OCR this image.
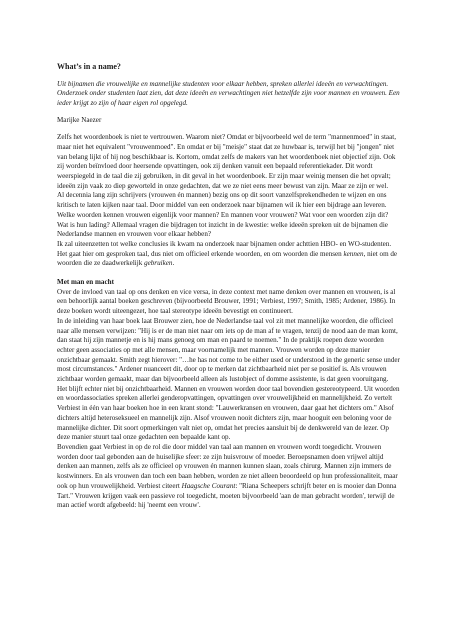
What’s in a name?

Uit bijnamen die vrouwelijke en mannelijke studenten voor elkaar hebben, spreken allerlei ideeën en verwachtingen. Onderzoek onder studenten laat zien, dat deze ideeën en verwachtingen niet hetzelfde zijn voor mannen en vrouwen. Een ieder krijgt zo zijn of haar eigen rol opgelegd.

Marijke Naezer

Zelfs het woordenboek is niet te vertrouwen. Waarom niet? Omdat er bijvoorbeeld wel de term "mannenmoed" in staat, maar niet het equivalent "vrouwenmoed". En omdat er bij "meisje" staat dat ze huwbaar is, terwijl het bij "jongen" niet van belang lijkt of hij nog beschikbaar is. Kortom, omdat zelfs de makers van het woordenboek niet objectief zijn. Ook zij worden beïnvloed door heersende opvattingen, ook zij denken vanuit een bepaald referentiekader. Dit wordt weerspiegeld in de taal die zij gebruiken, in dit geval in het woordenboek. Er zijn maar weinig mensen die het opvalt; ideeën zijn vaak zo diep geworteld in onze gedachten, dat we ze niet eens meer bewust van zijn. Maar ze zijn er wel.

Al decennia lang zijn schrijvers (vrouwen én mannen) bezig ons op dit soort vanzelfsprekendheden te wijzen en ons kritisch te laten kijken naar taal. Door middel van een onderzoek naar bijnamen wil ik hier een bijdrage aan leveren. Welke woorden kennen vrouwen eigenlijk voor mannen? En mannen voor vrouwen? Wat voor een woorden zijn dit? Wat is hun lading? Allemaal vragen die bijdragen tot inzicht in de kwestie: welke ideeën spreken uit de bijnamen die Nederlandse mannen en vrouwen voor elkaar hebben?

Ik zal uiteenzetten tot welke conclusies ik kwam na onderzoek naar bijnamen onder achttien HBO- en WO-studenten. Het gaat hier om gesproken taal, dus niet om officieel erkende woorden, en om woorden die mensen kennen, niet om de woorden die ze daadwerkelijk gebruiken.

Met man en macht

Over de invloed van taal op ons denken en vice versa, in deze context met name denken over mannen en vrouwen, is al een behoorlijk aantal boeken geschreven (bijvoorbeeld Brouwer, 1991; Verbiest, 1997; Smith, 1985; Ardener, 1986). In deze boeken wordt uiteengezet, hoe taal stereotype ideeën bevestigt en continueert.

In de inleiding van haar boek laat Brouwer zien, hoe de Nederlandse taal vol zit met mannelijke woorden, die officieel naar alle mensen verwijzen: "Hij is er de man niet naar om iets op de man af te vragen, tenzij de nood aan de man komt, dan staat hij zijn mannetje en is hij mans genoeg om man en paard te noemen." In de praktijk roepen deze woorden echter geen associaties op met alle mensen, maar voornamelijk met mannen. Vrouwen worden op deze manier onzichtbaar gemaakt. Smith zegt hierover: "…he has not come to be either used or understood in the generic sense under most circumstances." Ardener nuanceert dit, door op te merken dat zichtbaarheid niet per se positief is. Als vrouwen zichtbaar worden gemaakt, maar dan bijvoorbeeld alleen als lustobject of domme assistente, is dat geen vooruitgang.

Het blijft echter niet bij onzichtbaarheid. Mannen en vrouwen worden door taal bovendien gestereotypeerd. Uit woorden en woordassociaties spreken allerlei genderopvattingen, opvattingen over vrouwelijkheid en mannelijkheid. Zo vertelt Verbiest in één van haar boeken hoe in een krant stond: "Lauwerkransen en vrouwen, daar gaat het dichters om." Alsof dichters altijd heteroseksueel en mannelijk zijn. Alsof vrouwen nooit dichters zijn, maar hooguit een beloning voor de mannelijke dichter. Dit soort opmerkingen valt niet op, omdat het precies aansluit bij de denkwereld van de lezer. Op deze manier stuurt taal onze gedachten een bepaalde kant op.

Bovendien gaat Verbiest in op de rol die door middel van taal aan mannen en vrouwen wordt toegedicht. Vrouwen worden door taal gebonden aan de huiselijke sfeer: ze zijn huisvrouw of moeder. Beroepsnamen doen vrijwel altijd denken aan mannen, zelfs als ze officieel op vrouwen én mannen kunnen slaan, zoals chirurg. Mannen zijn immers de kostwinners. En als vrouwen dan toch een baan hebben, worden ze niet alleen beoordeeld op hun professionaliteit, maar ook op hun vrouwelijkheid. Verbiest citeert Haagsche Courant: "Riana Scheepers schrijft beter en is mooier dan Donna Tart." Vrouwen krijgen vaak een passieve rol toegedicht, moeten bijvoorbeeld 'aan de man gebracht worden', terwijl de man actief wordt afgebeeld: hij 'neemt een vrouw'.
